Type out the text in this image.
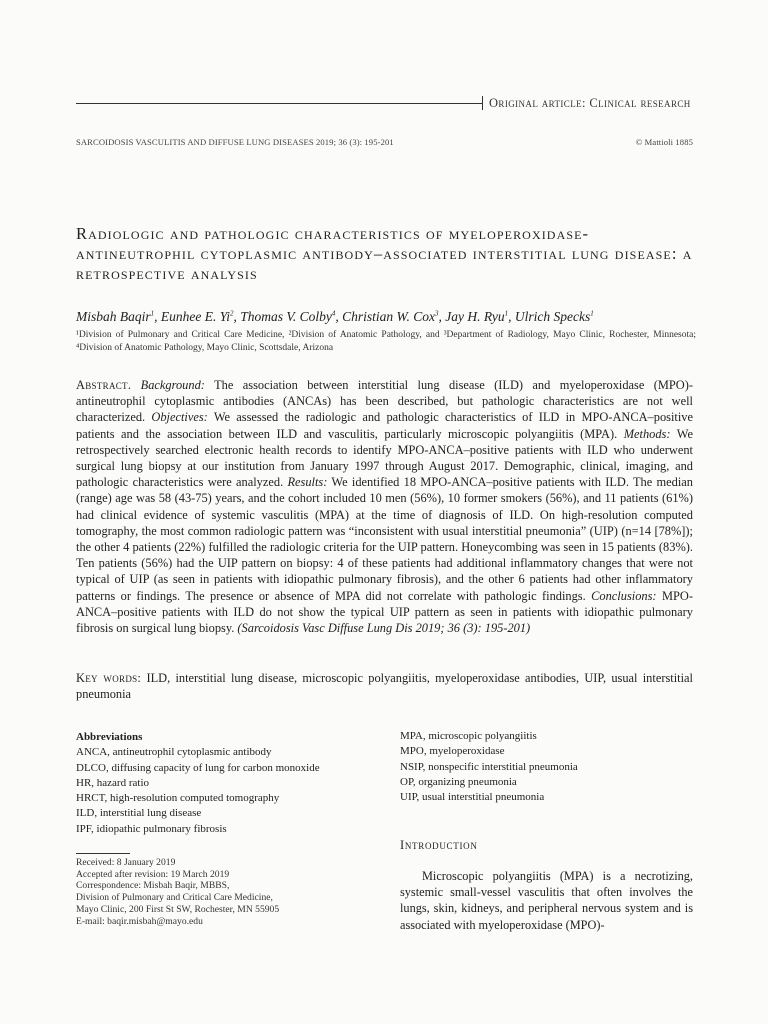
Original article: Clinical research
SARCOIDOSIS VASCULITIS AND DIFFUSE LUNG DISEASES 2019; 36 (3): 195-201	© Mattioli 1885
Radiologic and pathologic characteristics of myeloperoxidase-antineutrophil cytoplasmic antibody–associated interstitial lung disease: a retrospective analysis
Misbah Baqir$^1$, Eunhee E. Yi$^2$, Thomas V. Colby$^4$, Christian W. Cox$^3$, Jay H. Ryu$^1$, Ulrich Specks$^1$
¹Division of Pulmonary and Critical Care Medicine, ²Division of Anatomic Pathology, and ³Department of Radiology, Mayo Clinic, Rochester, Minnesota; ⁴Division of Anatomic Pathology, Mayo Clinic, Scottsdale, Arizona

Abstract. Background: The association between interstitial lung disease (ILD) and myeloperoxidase (MPO)-antineutrophil cytoplasmic antibodies (ANCAs) has been described, but pathologic characteristics are not well characterized. Objectives: We assessed the radiologic and pathologic characteristics of ILD in MPO-ANCA–positive patients and the association between ILD and vasculitis, particularly microscopic polyangiitis (MPA). Methods: We retrospectively searched electronic health records to identify MPO-ANCA–positive patients with ILD who underwent surgical lung biopsy at our institution from January 1997 through August 2017. Demographic, clinical, imaging, and pathologic characteristics were analyzed. Results: We identified 18 MPO-ANCA–positive patients with ILD. The median (range) age was 58 (43-75) years, and the cohort included 10 men (56%), 10 former smokers (56%), and 11 patients (61%) had clinical evidence of systemic vasculitis (MPA) at the time of diagnosis of ILD. On high-resolution computed tomography, the most common radiologic pattern was “inconsistent with usual interstitial pneumonia” (UIP) (n=14 [78%]); the other 4 patients (22%) fulfilled the radiologic criteria for the UIP pattern. Honeycombing was seen in 15 patients (83%). Ten patients (56%) had the UIP pattern on biopsy: 4 of these patients had additional inflammatory changes that were not typical of UIP (as seen in patients with idiopathic pulmonary fibrosis), and the other 6 patients had other inflammatory patterns or findings. The presence or absence of MPA did not correlate with pathologic findings. Conclusions: MPO-ANCA–positive patients with ILD do not show the typical UIP pattern as seen in patients with idiopathic pulmonary fibrosis on surgical lung biopsy. (Sarcoidosis Vasc Diffuse Lung Dis 2019; 36 (3): 195-201)

Key words: ILD, interstitial lung disease, microscopic polyangiitis, myeloperoxidase antibodies, UIP, usual interstitial pneumonia

Abbreviations
ANCA, antineutrophil cytoplasmic antibody
DLCO, diffusing capacity of lung for carbon monoxide
HR, hazard ratio
HRCT, high-resolution computed tomography
ILD, interstitial lung disease
IPF, idiopathic pulmonary fibrosis
MPA, microscopic polyangiitis
MPO, myeloperoxidase
NSIP, nonspecific interstitial pneumonia
OP, organizing pneumonia
UIP, usual interstitial pneumonia
Received: 8 January 2019
Accepted after revision: 19 March 2019
Correspondence: Misbah Baqir, MBBS,
Division of Pulmonary and Critical Care Medicine,
Mayo Clinic, 200 First St SW, Rochester, MN 55905
E-mail: baqir.misbah@mayo.edu
Introduction

Microscopic polyangiitis (MPA) is a necrotizing, systemic small-vessel vasculitis that often involves the lungs, skin, kidneys, and peripheral nervous system and is associated with myeloperoxidase (MPO)-
